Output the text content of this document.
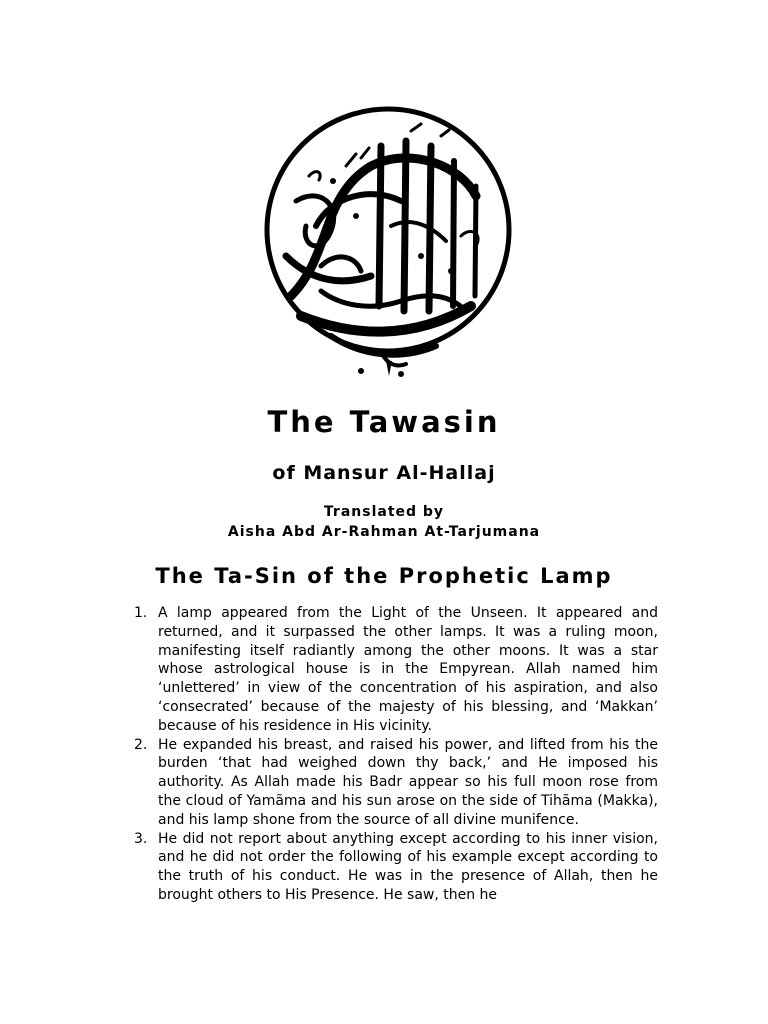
The Tawasin
of Mansur Al-Hallaj
Translated by
Aisha Abd Ar-Rahman At-Tarjumana
The Ta-Sin of the Prophetic Lamp
1. A lamp appeared from the Light of the Unseen. It appeared and returned, and it surpassed the other lamps. It was a ruling moon, manifesting itself radiantly among the other moons. It was a star whose astrological house is in the Empyrean. Allah named him ‘unlettered’ in view of the concentration of his aspiration, and also ‘consecrated’ because of the majesty of his blessing, and ‘Makkan’ because of his residence in His vicinity.
2. He expanded his breast, and raised his power, and lifted from his the burden ‘that had weighed down thy back,’ and He imposed his authority. As Allah made his Badr appear so his full moon rose from the cloud of Yamãma and his sun arose on the side of Tihãma (Makka), and his lamp shone from the source of all divine munifence.
3. He did not report about anything except according to his inner vision, and he did not order the following of his example except according to the truth of his conduct. He was in the presence of Allah, then he brought others to His Presence. He saw, then he
